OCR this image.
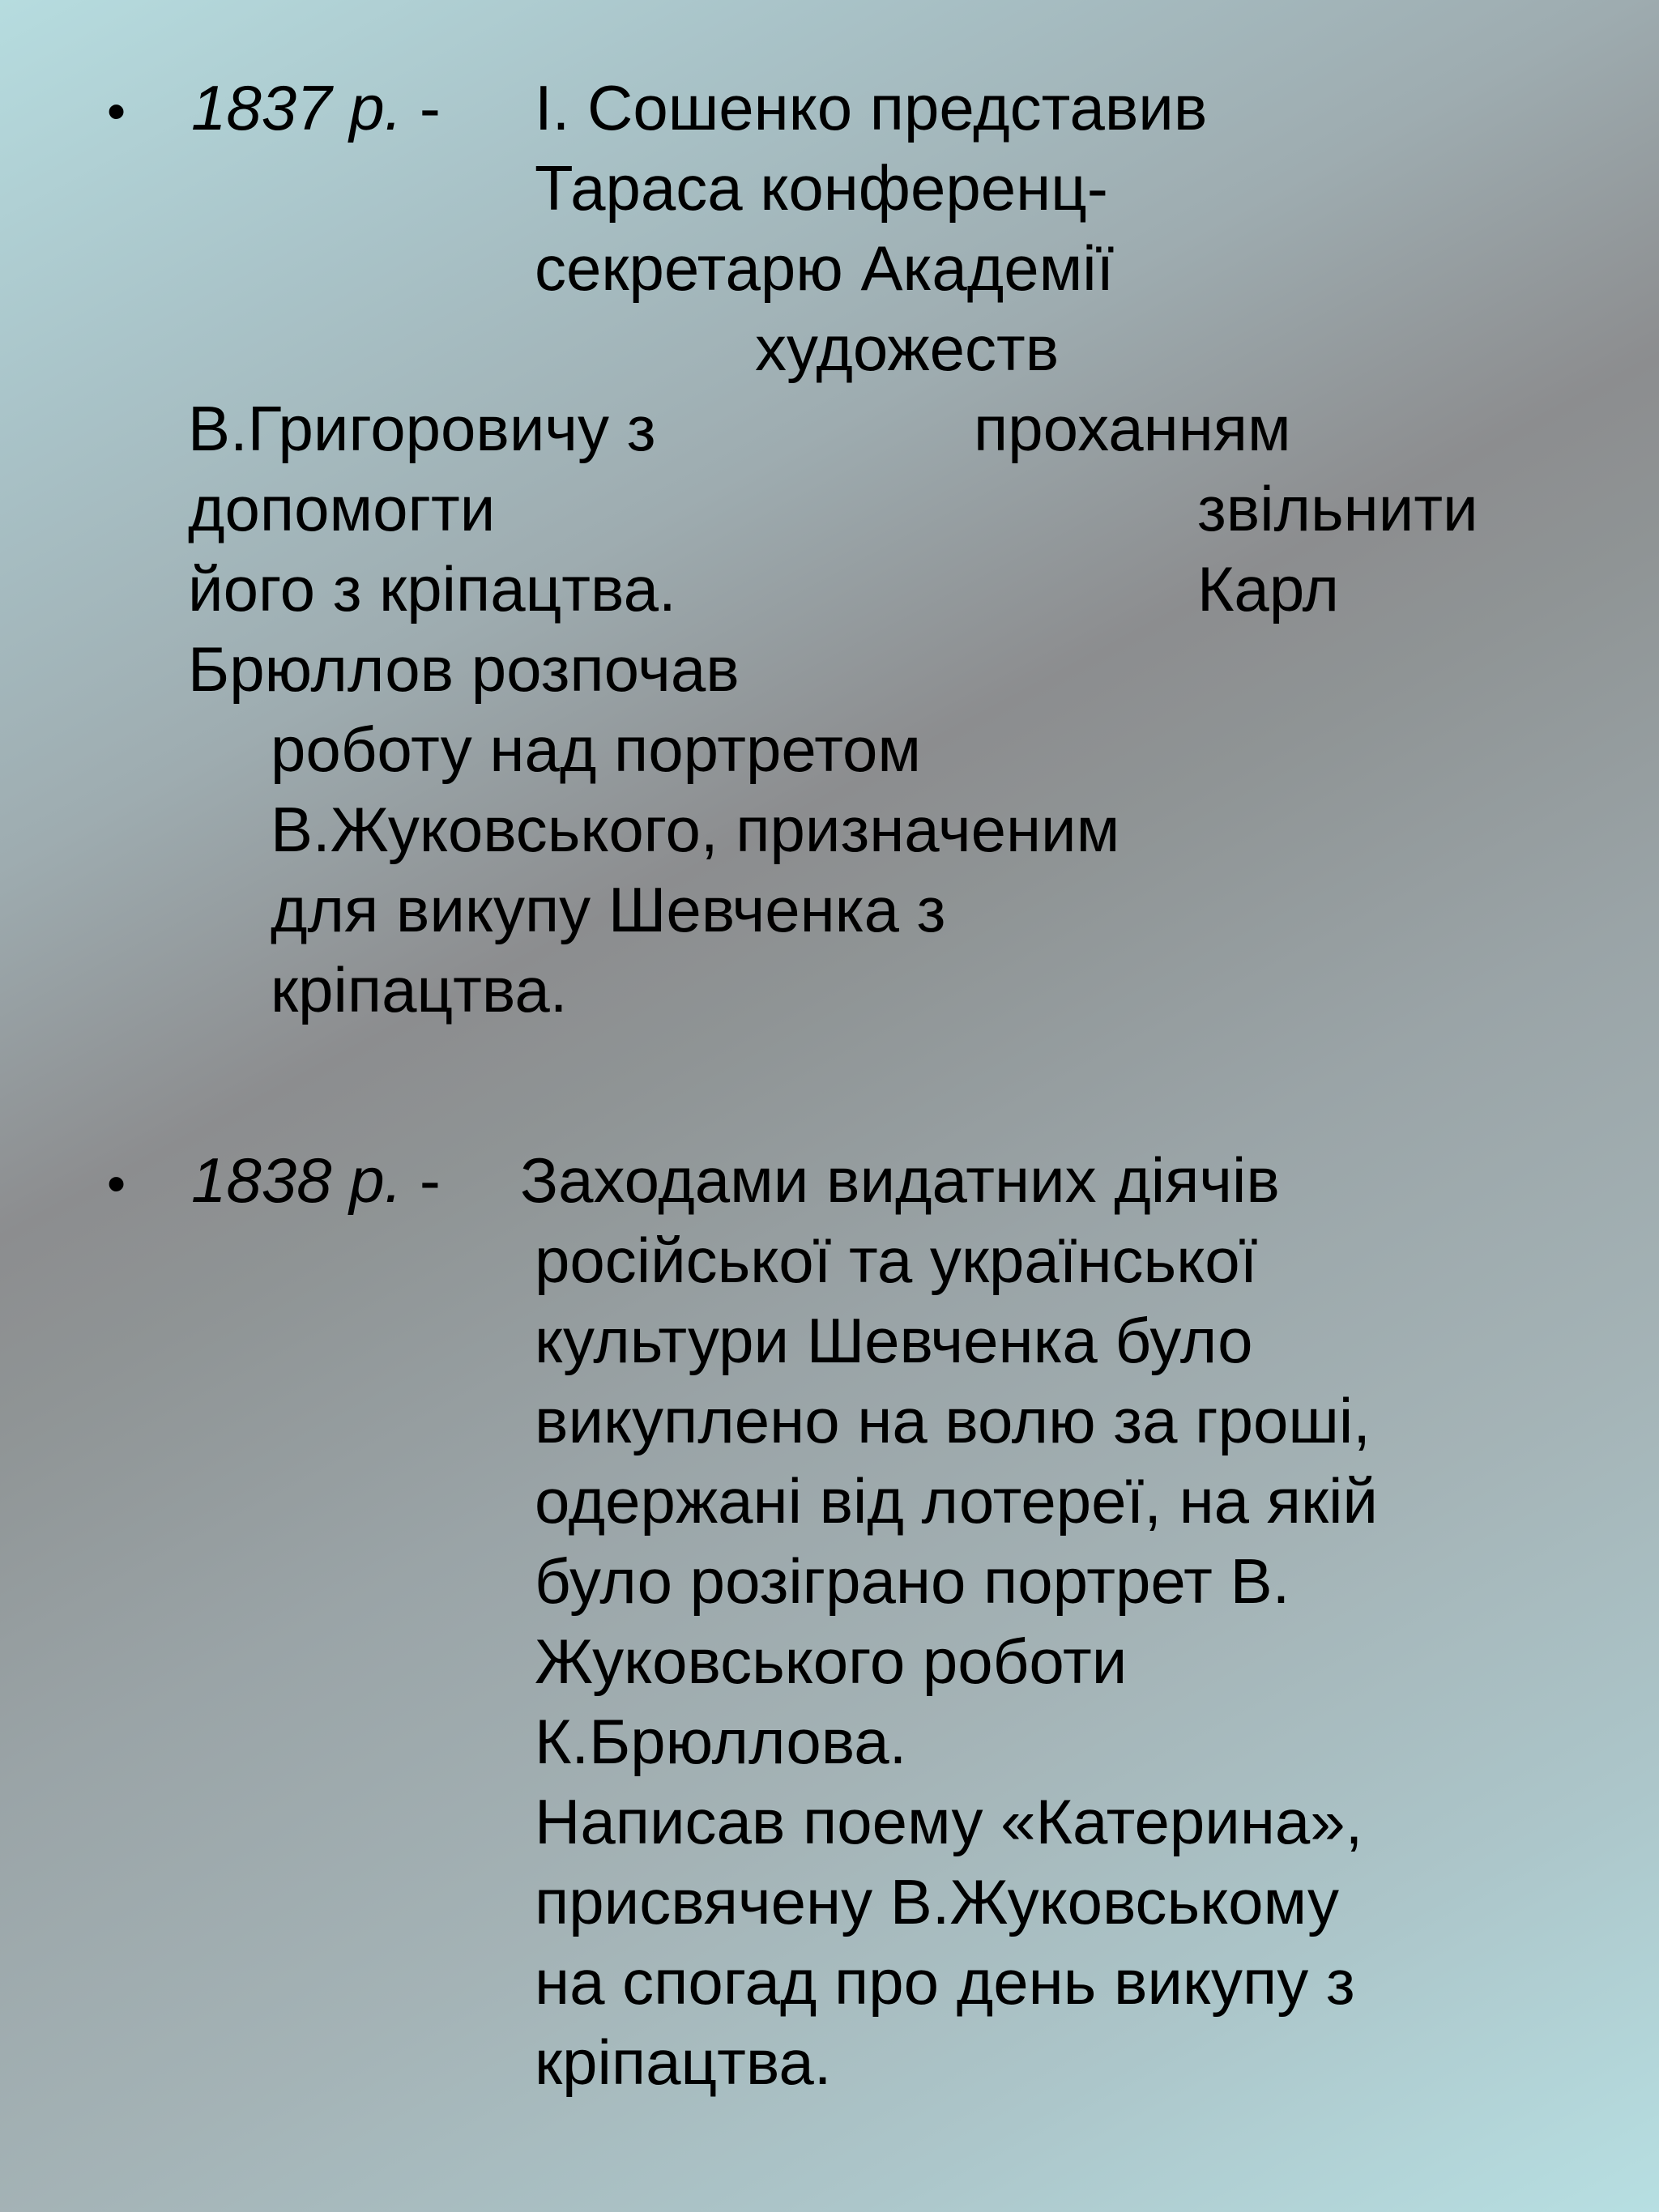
• 1837 р. - І. Сошенко представив

Тараса конференц-

секретарю Академії

художеств

В.Григоровичу з	проханням

допомогти	звільнити

його з кріпацтва.	Карл

Брюллов розпочав

роботу над портретом

В.Жуковського, призначеним

для викупу Шевченка з

кріпацтва.

• 1838 р. - Заходами видатних діячів

російської та української

культури Шевченка було

викуплено на волю за гроші,

одержані від лотереї, на якій

було розіграно портрет В.

Жуковського роботи

К.Брюллова.

Написав поему «Катерина»,

присвячену В.Жуковському

на спогад про день викупу з

кріпацтва.
